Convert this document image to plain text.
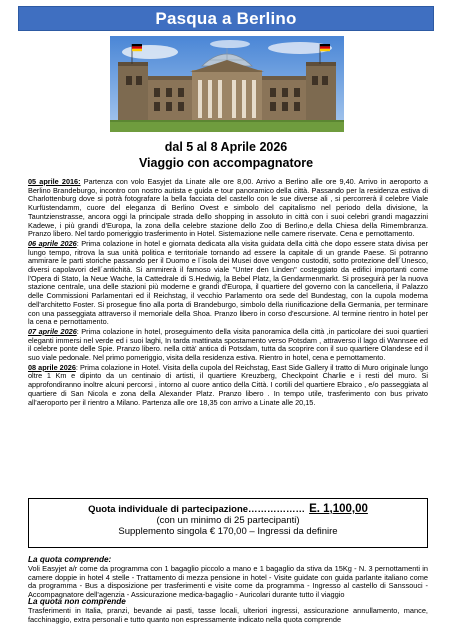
Pasqua a Berlino
dal 5 al 8 Aprile 2026
Viaggio con accompagnatore

05 aprile 2016: Partenza con volo Easyjet da Linate alle ore 8,00. Arrivo a Berlino alle ore 9,40. Arrivo in aeroporto a Berlino Brandeburgo, incontro con nostro autista e guida e tour panoramico della città. Passando per la residenza estiva di Charlottenburg dove si potrà fotografare la bella facciata del castello con le sue diverse ali , si percorrerà il celebre Viale Kurfüstendamm, cuore del eleganza di Berlino Ovest e simbolo del capitalismo nel periodo della divisione, la Tauntzienstrasse, ancora oggi la principale strada dello shopping in assoluto in città con i suoi celebri grandi magazzini Kadewe, i più grandi d'Europa, la zona della celebre stazione dello Zoo di Berlino,e della Chiesa della Rimembranza. Pranzo libero. Nel tardo pomeriggio trasferimento in Hotel. Sistemazione nelle camere riservate. Cena e pernottamento.

06 aprile 2026: Prima colazione in hotel e giornata dedicata alla visita guidata della città che dopo essere stata divisa per lungo tempo, ritrova la sua unità politica e territoriale tornando ad essere la capitale di un grande Paese. Si potranno ammirare le parti storiche passando per il Duomo e l´isola dei Musei dove vengono custoditi, sotto protezione dell´Unesco, diversi capolavori dell´antichità. Si ammirerà il famoso viale "Unter den Linden" costeggiato da edifici importanti come l'Opera di Stato, la Neue Wache, la Cattedrale di S.Hedwig, la Bebel Platz, la Gendarmenmarkt. Si proseguirà per la nuova stazione centrale, una delle stazioni più moderne e grandi d'Europa, il quartiere del governo con la cancelleria, il Palazzo delle Commissioni Parlamentari ed il Reichstag, il vecchio Parlamento ora sede del Bundestag, con la cupola moderna dell'architetto Foster. Si prosegue fino alla porta di Brandeburgo, simbolo della riunificazione della Germania, per terminare con una passeggiata attraverso il memoriale della Shoa. Pranzo libero in corso d'escursione. Al termine rientro in hotel per la cena e pernottamento.

07 aprile 2026: Prima colazione in hotel, proseguimento della visita panoramica della città ,in particolare dei suoi quartieri eleganti immersi nel verde ed i suoi laghi, In tarda mattinata spostamento verso Potsdam , attraverso il lago di Wannsee ed il celebre ponte delle Spie. Pranzo libero. nella città' antica di Potsdam, tutta da scoprire con il suo quartiere Olandese ed il suo viale pedonale. Nel primo pomeriggio, visita della residenza estiva. Rientro in hotel, cena e pernottamento.

08 aprile 2026: Prima colazione in Hotel. Visita della cupola del Reichstag, East Side Gallery il tratto di Muro originale lungo oltre 1 Km e dipinto da un centinaio di artisti, il quartiere Kreuzberg, Checkpoint Charlie e i resti del muro. Si approfondiranno inoltre alcuni percorsi , intorno al cuore antico della Città. I cortili del quartiere Ebraico , e/o passeggiata al quartiere di San Nicola e zona della Alexander Platz. Pranzo libero . In tempo utile, trasferimento con bus privato all'aeroporto per il rientro a Milano. Partenza alle ore 18,35 con arrivo a Linate alle 20,15.

Quota individuale di partecipazione……………… E. 1,100,00
(con un minimo di 25 partecipanti)
Supplemento singola € 170,00 – Ingressi da definire
La quota comprende:

Voli Easyjet a/r come da programma con 1 bagaglio piccolo a mano e 1 bagaglio da stiva da 15Kg - N. 3 pernottamenti in camere doppie in hotel 4 stelle - Trattamento di mezza pensione in hotel - Visite guidate con guida parlante italiano come da programma - Bus a disposizione per trasferimenti e visite come da programma - Ingresso al castello di Sanssouci - Accompagnatore dell'agenzia - Assicurazione medica-bagaglio - Auricolari durante tutto il viaggio

La quota non comprende

Trasferimenti in Italia, pranzi, bevande ai pasti, tasse locali, ulteriori ingressi, assicurazione annullamento, mance, facchinaggio, extra personali e tutto quanto non espressamente indicato nella quota comprende
